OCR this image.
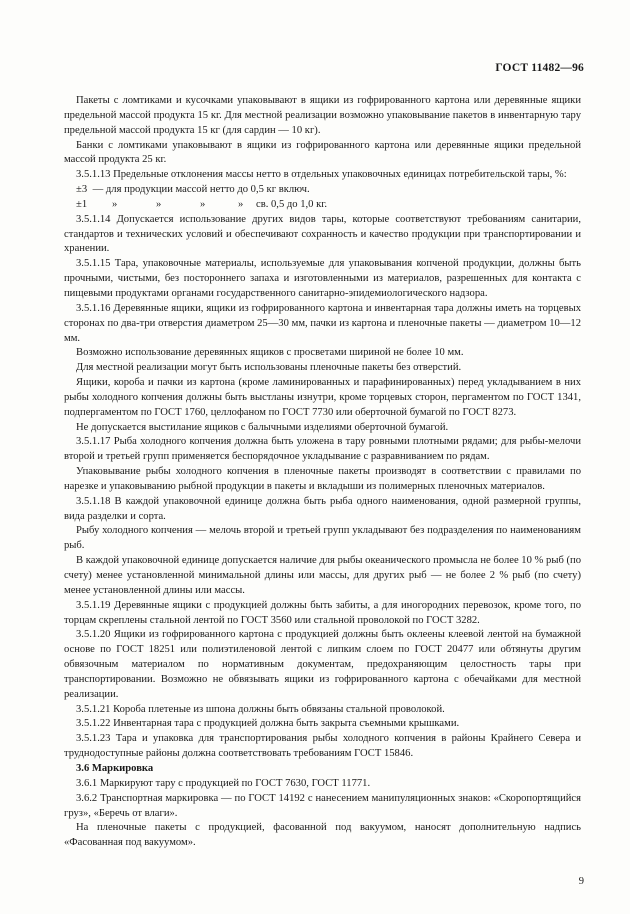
ГОСТ 11482—96

Пакеты с ломтиками и кусочками упаковывают в ящики из гофрированного картона или деревянные ящики предельной массой продукта 15 кг. Для местной реализации возможно упаковывание пакетов в инвентарную тару предельной массой продукта 15 кг (для сардин — 10 кг).

Банки с ломтиками упаковывают в ящики из гофрированного картона или деревянные ящики предельной массой продукта 25 кг.

3.5.1.13 Предельные отклонения массы нетто в отдельных упаковочных единицах потребительской тары, %:

±3 — для продукции массой нетто до 0,5 кг включ.
±1 »	»	»	» св. 0,5 до 1,0 кг.

3.5.1.14 Допускается использование других видов тары, которые соответствуют требованиям санитарии, стандартов и технических условий и обеспечивают сохранность и качество продукции при транспортировании и хранении.

3.5.1.15 Тара, упаковочные материалы, используемые для упаковывания копченой продукции, должны быть прочными, чистыми, без постороннего запаха и изготовленными из материалов, разрешенных для контакта с пищевыми продуктами органами государственного санитарно-эпидемиологического надзора.

3.5.1.16 Деревянные ящики, ящики из гофрированного картона и инвентарная тара должны иметь на торцевых сторонах по два-три отверстия диаметром 25—30 мм, пачки из картона и пленочные пакеты — диаметром 10—12 мм.

Возможно использование деревянных ящиков с просветами шириной не более 10 мм.

Для местной реализации могут быть использованы пленочные пакеты без отверстий.

Ящики, короба и пачки из картона (кроме ламинированных и парафинированных) перед укладыванием в них рыбы холодного копчения должны быть выстланы изнутри, кроме торцевых сторон, пергаментом по ГОСТ 1341, подпергаментом по ГОСТ 1760, целлофаном по ГОСТ 7730 или оберточной бумагой по ГОСТ 8273.

Не допускается выстилание ящиков с балычными изделиями оберточной бумагой.

3.5.1.17 Рыба холодного копчения должна быть уложена в тару ровными плотными рядами; для рыбы-мелочи второй и третьей групп применяется беспорядочное укладывание с разравниванием по рядам.

Упаковывание рыбы холодного копчения в пленочные пакеты производят в соответствии с правилами по нарезке и упаковыванию рыбной продукции в пакеты и вкладыши из полимерных пленочных материалов.

3.5.1.18 В каждой упаковочной единице должна быть рыба одного наименования, одной размерной группы, вида разделки и сорта.

Рыбу холодного копчения — мелочь второй и третьей групп укладывают без подразделения по наименованиям рыб.

В каждой упаковочной единице допускается наличие для рыбы океанического промысла не более 10 % рыб (по счету) менее установленной минимальной длины или массы, для других рыб — не более 2 % рыб (по счету) менее установленной длины или массы.

3.5.1.19 Деревянные ящики с продукцией должны быть забиты, а для иногородних перевозок, кроме того, по торцам скреплены стальной лентой по ГОСТ 3560 или стальной проволокой по ГОСТ 3282.

3.5.1.20 Ящики из гофрированного картона с продукцией должны быть оклеены клеевой лентой на бумажной основе по ГОСТ 18251 или полиэтиленовой лентой с липким слоем по ГОСТ 20477 или обтянуты другим обвязочным материалом по нормативным документам, предохраняющим целостность тары при транспортировании. Возможно не обвязывать ящики из гофрированного картона с обечайками для местной реализации.

3.5.1.21 Короба плетеные из шпона должны быть обвязаны стальной проволокой.

3.5.1.22 Инвентарная тара с продукцией должна быть закрыта съемными крышками.

3.5.1.23 Тара и упаковка для транспортирования рыбы холодного копчения в районы Крайнего Севера и труднодоступные районы должна соответствовать требованиям ГОСТ 15846.

3.6 Маркировка

3.6.1 Маркируют тару с продукцией по ГОСТ 7630, ГОСТ 11771.

3.6.2 Транспортная маркировка — по ГОСТ 14192 с нанесением манипуляционных знаков: «Скоропортящийся груз», «Беречь от влаги».

На пленочные пакеты с продукцией, фасованной под вакуумом, наносят дополнительную надпись «Фасованная под вакуумом».

9
